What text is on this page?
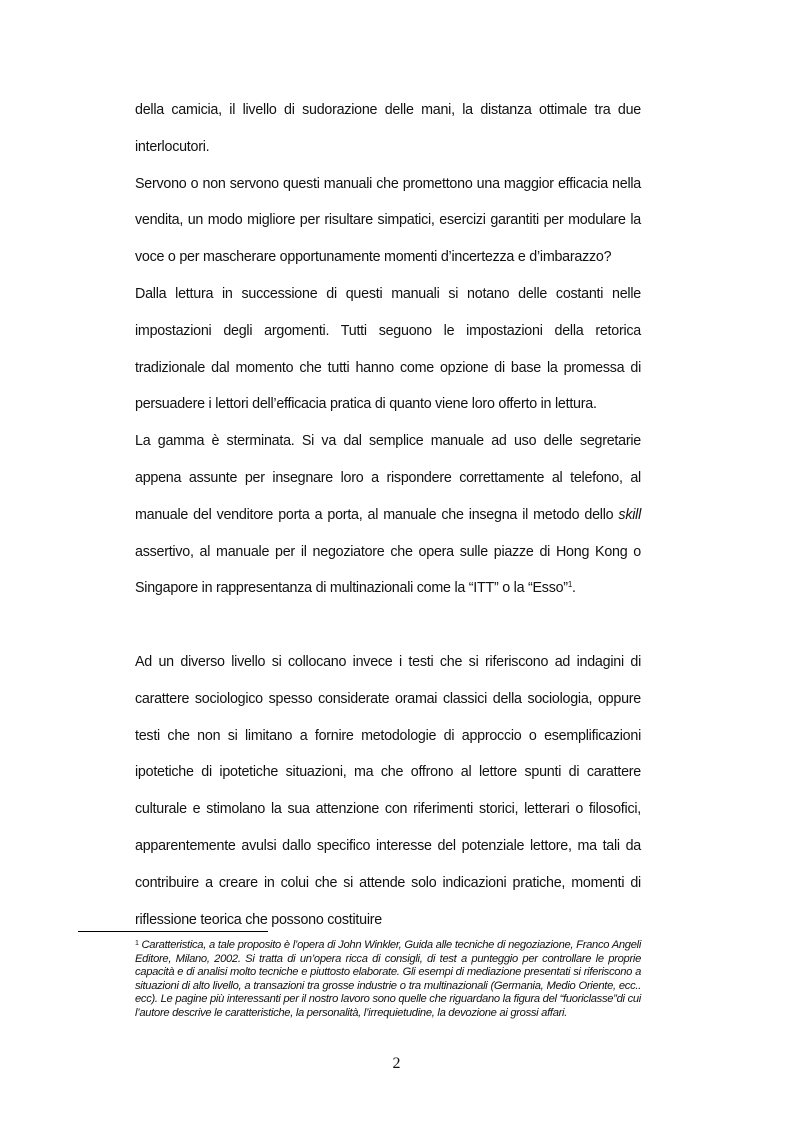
della camicia, il livello di sudorazione delle mani, la distanza ottimale tra due interlocutori.

Servono o non servono questi manuali che promettono una maggior efficacia nella vendita, un modo migliore per risultare simpatici, esercizi garantiti per modulare la voce o per mascherare opportunamente momenti d’incertezza e d’imbarazzo?

Dalla lettura in successione di questi manuali si notano delle costanti nelle impostazioni degli argomenti. Tutti seguono le impostazioni della retorica tradizionale dal momento che tutti hanno come opzione di base la promessa di persuadere i lettori dell’efficacia pratica di quanto viene loro offerto in lettura.

La gamma è sterminata. Si va dal semplice manuale ad uso delle segretarie appena assunte per insegnare loro a rispondere correttamente al telefono, al manuale del venditore porta a porta, al manuale che insegna il metodo dello skill assertivo, al manuale per il negoziatore che opera sulle piazze di Hong Kong o Singapore in rappresentanza di multinazionali come la “ITT” o la “Esso”$^1$.

Ad un diverso livello si collocano invece i testi che si riferiscono ad indagini di carattere sociologico spesso considerate oramai classici della sociologia, oppure testi che non si limitano a fornire metodologie di approccio o esemplificazioni ipotetiche di ipotetiche situazioni, ma che offrono al lettore spunti di carattere culturale e stimolano la sua attenzione con riferimenti storici, letterari o filosofici, apparentemente avulsi dallo specifico interesse del potenziale lettore, ma tali da contribuire a creare in colui che si attende solo indicazioni pratiche, momenti di riflessione teorica che possono costituire

$^1$ Caratteristica, a tale proposito è l’opera di John Winkler, Guida alle tecniche di negoziazione, Franco Angeli Editore, Milano, 2002. Si tratta di un’opera ricca di consigli, di test a punteggio per controllare le proprie capacità e di analisi molto tecniche e piuttosto elaborate. Gli esempi di mediazione presentati si riferiscono a situazioni di alto livello, a transazioni tra grosse industrie o tra multinazionali (Germania, Medio Oriente, ecc.. ecc). Le pagine più interessanti per il nostro lavoro sono quelle che riguardano la figura del “fuoriclasse”di cui l’autore descrive le caratteristiche, la personalità, l’irrequietudine, la devozione ai grossi affari.
2
